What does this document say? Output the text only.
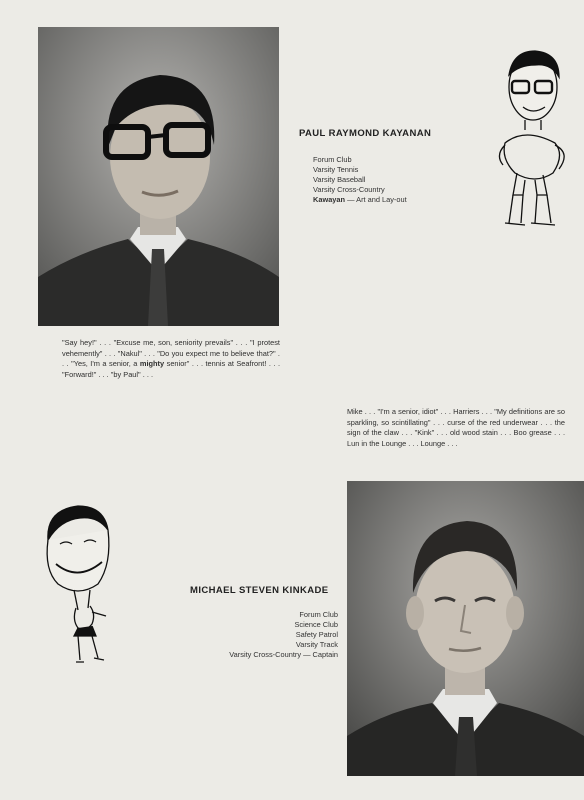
PAUL RAYMOND KAYANAN
Forum Club
Varsity Tennis
Varsity Baseball
Varsity Cross-Country
Kawayan — Art and Lay-out

"Say hey!" . . . "Excuse me, son, seniority prevails" . . . "I protest vehemently" . . . "Nakul" . . . "Do you expect me to believe that?" . . . "Yes, I'm a senior, a mighty senior" . . . tennis at Seafront! . . . "Forward!" . . . "by Paul" . . .

Mike . . . "I'm a senior, idiot" . . . Harriers . . . "My definitions are so sparkling, so scintillating" . . . curse of the red underwear . . . the sign of the claw . . . "Kink" . . . old wood stain . . . Boo grease . . . Lun in the Lounge . . . Lounge . . .

MICHAEL STEVEN KINKADE
Forum Club
Science Club
Safety Patrol
Varsity Track
Varsity Cross-Country — Captain
